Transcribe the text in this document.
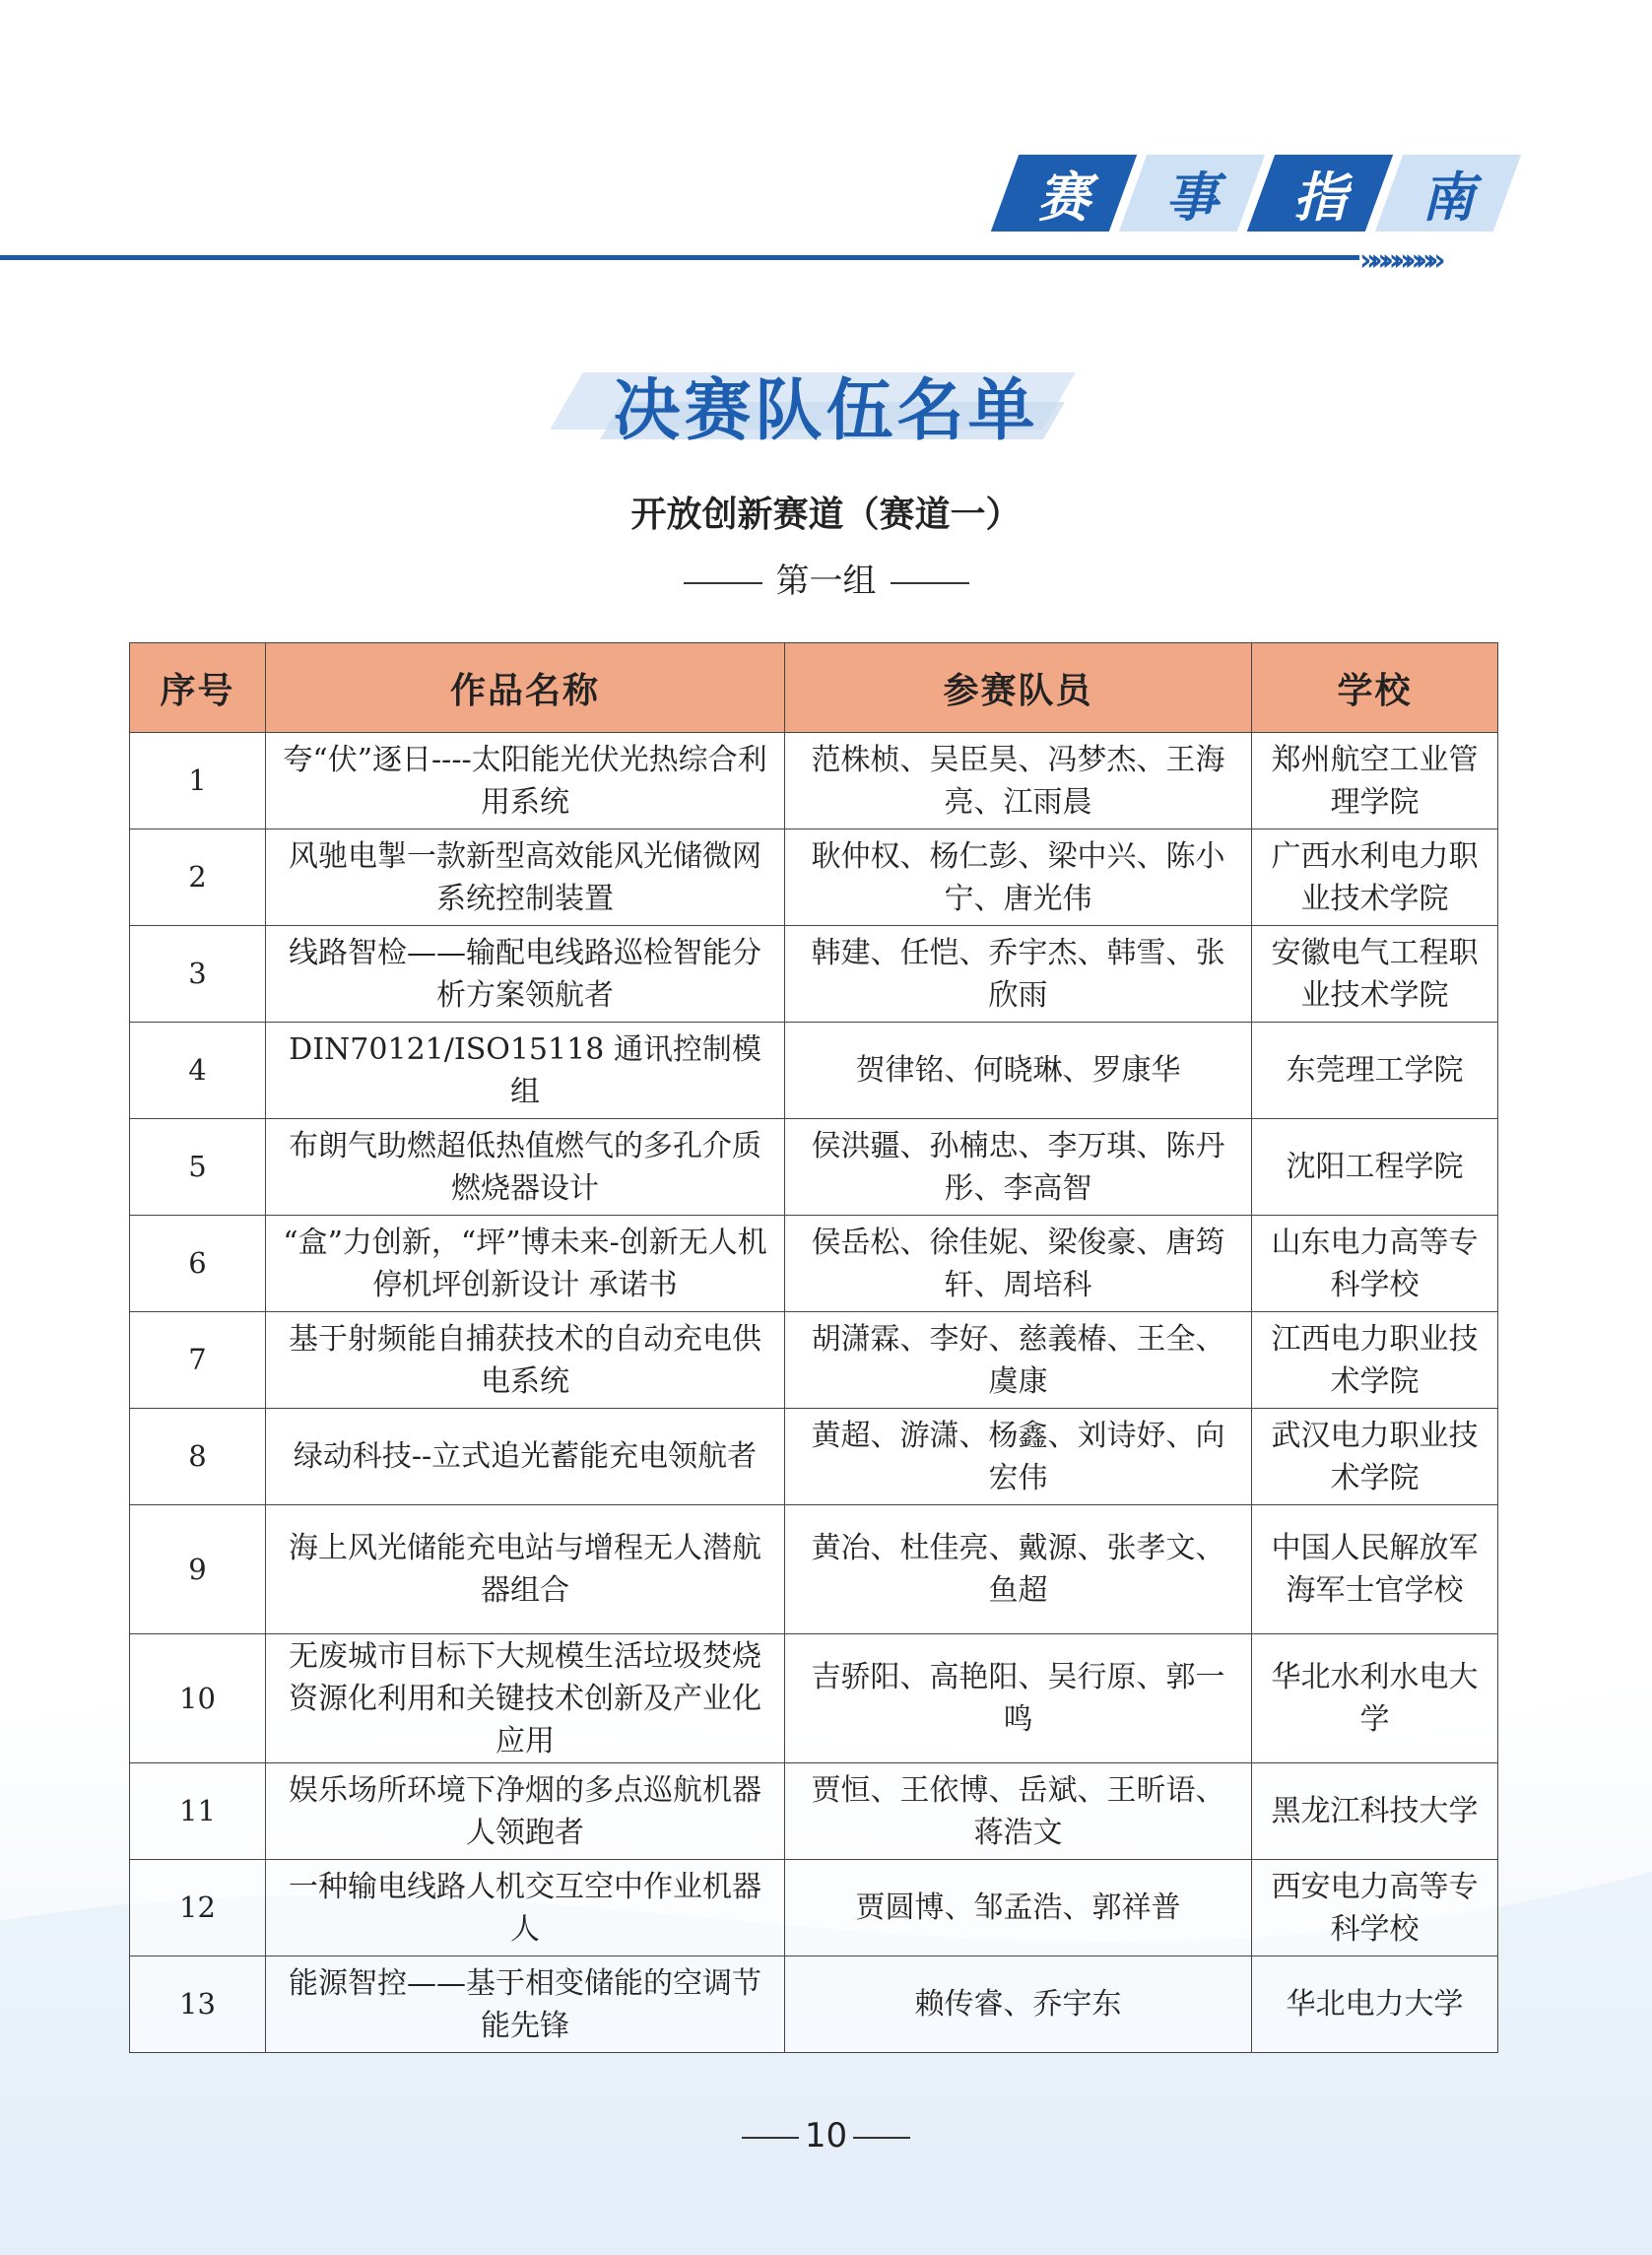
»»»»»»»
赛 事 指 南
决赛队伍名单
开放创新赛道（赛道一）
第一组
序号	作品名称	参赛队员	学校
1	夸“伏”逐日----太阳能光伏光热综合利用系统	范株桢、吴臣昊、冯梦杰、王海亮、江雨晨	郑州航空工业管理学院
2	风驰电掣一款新型高效能风光储微网系统控制装置	耿仲权、杨仁彭、梁中兴、陈小宁、唐光伟	广西水利电力职业技术学院
3	线路智检——输配电线路巡检智能分析方案领航者	韩建、任恺、乔宇杰、韩雪、张欣雨	安徽电气工程职业技术学院
4	DIN70121/ISO15118 通讯控制模组	贺律铭、何晓琳、罗康华	东莞理工学院
5	布朗气助燃超低热值燃气的多孔介质燃烧器设计	侯洪疆、孙楠忠、李万琪、陈丹彤、李高智	沈阳工程学院
6	“盒”力创新，“坪”博未来-创新无人机停机坪创新设计 承诺书	侯岳松、徐佳妮、梁俊豪、唐筠轩、周培科	山东电力高等专科学校
7	基于射频能自捕获技术的自动充电供电系统	胡潇霖、李好、慈義椿、王全、虞康	江西电力职业技术学院
8	绿动科技--立式追光蓄能充电领航者	黄超、游潇、杨鑫、刘诗妤、向宏伟	武汉电力职业技术学院
9	海上风光储能充电站与增程无人潜航器组合	黄冶、杜佳亮、戴源、张孝文、鱼超	中国人民解放军海军士官学校
10	无废城市目标下大规模生活垃圾焚烧资源化利用和关键技术创新及产业化应用	吉骄阳、高艳阳、吴行原、郭一鸣	华北水利水电大学
11	娱乐场所环境下净烟的多点巡航机器人领跑者	贾恒、王依博、岳斌、王昕语、蒋浩文	黑龙江科技大学
12	一种输电线路人机交互空中作业机器人	贾圆博、邹孟浩、郭祥普	西安电力高等专科学校
13	能源智控——基于相变储能的空调节能先锋	赖传睿、乔宇东	华北电力大学
10
